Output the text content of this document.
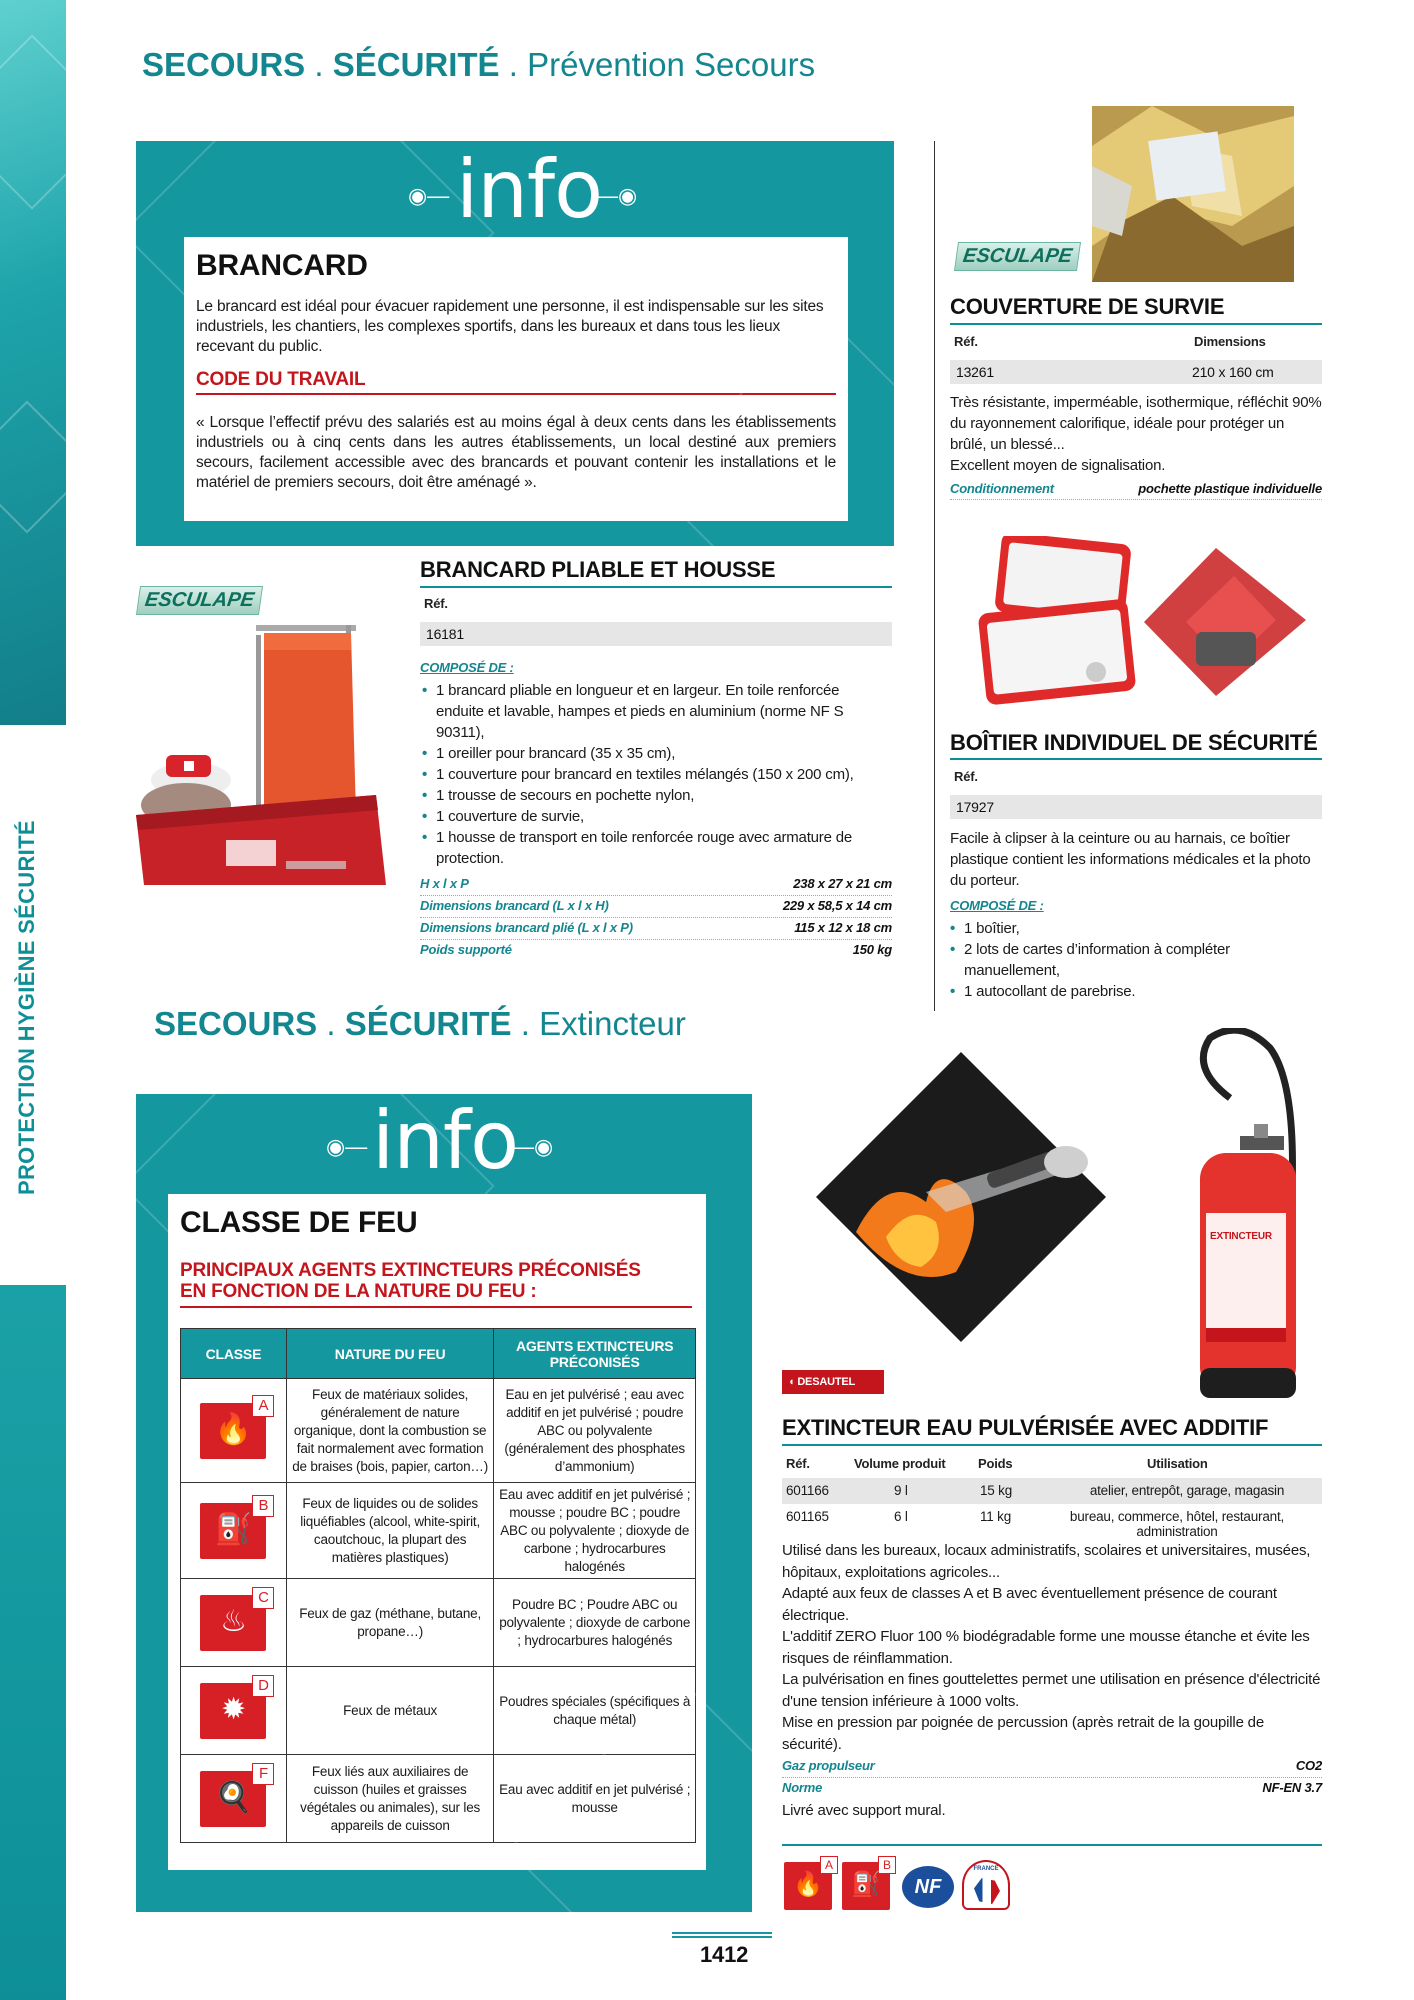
PROTECTION HYGIÈNE SÉCURITÉ
SECOURS . SÉCURITÉ . Prévention Secours
◉— info
—◉
BRANCARD
Le brancard est idéal pour évacuer rapidement une personne, il est indispensable sur les sites industriels, les chantiers, les complexes sportifs, dans les bureaux et dans tous les lieux recevant du public.
CODE DU TRAVAIL
« Lorsque l’effectif prévu des salariés est au moins égal à deux cents dans les établissements industriels ou à cinq cents dans les autres établissements, un local destiné aux premiers secours, facilement accessible avec des brancards et pouvant contenir les installations et le matériel de premiers secours, doit être aménagé ».
ESCULAPE
BRANCARD PLIABLE ET HOUSSE
Réf.
16181
COMPOSÉ DE :
• 1 brancard pliable en longueur et en largeur. En toile renforcée enduite et lavable, hampes et pieds en aluminium (norme NF S 90311),
• 1 oreiller pour brancard (35 x 35 cm),
• 1 couverture pour brancard en textiles mélangés (150 x 200 cm),
• 1 trousse de secours en pochette nylon,
• 1 couverture de survie,
• 1 housse de transport en toile renforcée rouge avec armature de protection.
H x l x P	238 x 27 x 21 cm
Dimensions brancard (L x l x H)	229 x 58,5 x 14 cm
Dimensions brancard plié (L x l x P)	115 x 12 x 18 cm
Poids supporté	150 kg
ESCULAPE
COUVERTURE DE SURVIE
Réf.	Dimensions
13261	210 x 160 cm
Très résistante, imperméable, isothermique, réfléchit 90% du rayonnement calorifique, idéale pour protéger un brûlé, un blessé...
Excellent moyen de signalisation.
Conditionnement	pochette plastique individuelle
BOÎTIER INDIVIDUEL DE SÉCURITÉ
Réf.
17927
Facile à clipser à la ceinture ou au harnais, ce boîtier plastique contient les informations médicales et la photo du porteur.
COMPOSÉ DE :
• 1 boîtier,
• 2 lots de cartes d’information à compléter manuellement,
• 1 autocollant de parebrise.
SECOURS . SÉCURITÉ . Extincteur
◉— info
—◉
CLASSE DE FEU
PRINCIPAUX AGENTS EXTINCTEURS PRÉCONISÉS
EN FONCTION DE LA NATURE DU FEU :
CLASSE	NATURE DU FEU	AGENTS EXTINCTEURS PRÉCONISÉS

A
🔥	Feux de matériaux solides, généralement de nature organique, dont la combustion se fait normalement avec formation de braises (bois, papier, carton…)	Eau en jet pulvérisé ; eau avec additif en jet pulvérisé ; poudre ABC ou polyvalente (généralement des phosphates d’ammonium)

B
⛽	Feux de liquides ou de solides liquéfiables (alcool, white-spirit, caoutchouc, la plupart des matières plastiques)	Eau avec additif en jet pulvérisé ; mousse ; poudre BC ; poudre ABC ou polyvalente ; dioxyde de carbone ; hydrocarbures halogénés

C
♨	Feux de gaz (méthane, butane, propane…)	Poudre BC ; Poudre ABC ou polyvalente ; dioxyde de carbone ; hydrocarbures halogénés

D
✹	Feux de métaux	Poudres spéciales (spécifiques à chaque métal)

F
🍳	Feux liés aux auxiliaires de cuisson (huiles et graisses végétales ou animales), sur les appareils de cuisson	Eau avec additif en jet pulvérisé ; mousse
EXTINCTEUR
◖ DESAUTEL
EXTINCTEUR EAU PULVÉRISÉE AVEC ADDITIF
Réf.	Volume produit Poids	Utilisation
601166	9 l	15 kg	atelier, entrepôt, garage, magasin
601165	6 l	11 kg	bureau, commerce, hôtel, restaurant, administration
Utilisé dans les bureaux, locaux administratifs, scolaires et universitaires, musées, hôpitaux, exploitations agricoles...
Adapté aux feux de classes A et B avec éventuellement présence de courant électrique.
L'additif ZERO Fluor 100 % biodégradable forme une mousse étanche et évite les risques de réinflammation.
La pulvérisation en fines gouttelettes permet une utilisation en présence d'électricité d'une tension inférieure à 1000 volts.
Mise en pression par poignée de percussion (après retrait de la goupille de sécurité).
Gaz propulseur	CO2
Norme	NF-EN 3.7
Livré avec support mural.
A
🔥
B
⛽	NF
FRANCE
1412
